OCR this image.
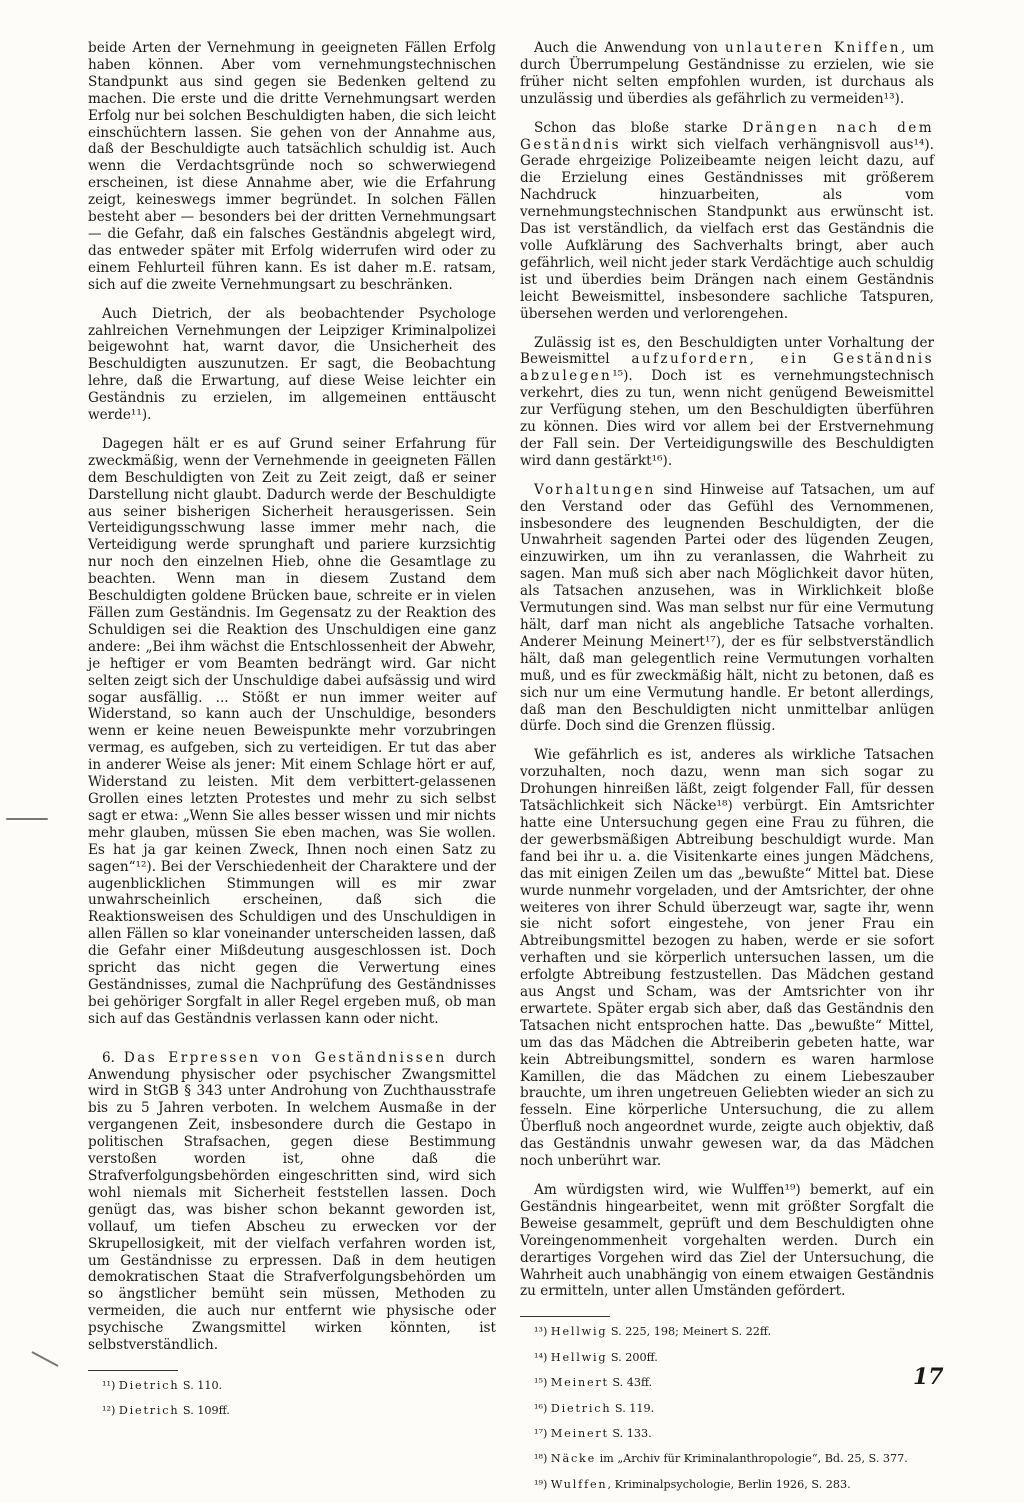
beide Arten der Vernehmung in geeigneten Fällen Erfolg haben können. Aber vom vernehmungstechnischen Standpunkt aus sind gegen sie Bedenken geltend zu machen. Die erste und die dritte Vernehmungsart werden Erfolg nur bei solchen Beschuldigten haben, die sich leicht einschüchtern lassen. Sie gehen von der Annahme aus, daß der Beschuldigte auch tatsächlich schuldig ist. Auch wenn die Verdachtsgründe noch so schwerwiegend erscheinen, ist diese Annahme aber, wie die Erfahrung zeigt, keineswegs immer begründet. In solchen Fällen besteht aber — besonders bei der dritten Vernehmungsart — die Gefahr, daß ein falsches Geständnis abgelegt wird, das entweder später mit Erfolg widerrufen wird oder zu einem Fehlurteil führen kann. Es ist daher m.E. ratsam, sich auf die zweite Vernehmungsart zu beschränken.

Auch Dietrich, der als beobachtender Psychologe zahlreichen Vernehmungen der Leipziger Kriminalpolizei beigewohnt hat, warnt davor, die Unsicherheit des Beschuldigten auszunutzen. Er sagt, die Beobachtung lehre, daß die Erwartung, auf diese Weise leichter ein Geständnis zu erzielen, im allgemeinen enttäuscht werde¹¹).

Dagegen hält er es auf Grund seiner Erfahrung für zweckmäßig, wenn der Vernehmende in geeigneten Fällen dem Beschuldigten von Zeit zu Zeit zeigt, daß er seiner Darstellung nicht glaubt. Dadurch werde der Beschuldigte aus seiner bisherigen Sicherheit herausgerissen. Sein Verteidigungsschwung lasse immer mehr nach, die Verteidigung werde sprunghaft und pariere kurzsichtig nur noch den einzelnen Hieb, ohne die Gesamtlage zu beachten. Wenn man in diesem Zustand dem Beschuldigten goldene Brücken baue, schreite er in vielen Fällen zum Geständnis. Im Gegensatz zu der Reaktion des Schuldigen sei die Reaktion des Unschuldigen eine ganz andere: „Bei ihm wächst die Entschlossenheit der Abwehr, je heftiger er vom Beamten bedrängt wird. Gar nicht selten zeigt sich der Unschuldige dabei aufsässig und wird sogar ausfällig. ... Stößt er nun immer weiter auf Widerstand, so kann auch der Unschuldige, besonders wenn er keine neuen Beweispunkte mehr vorzubringen vermag, es aufgeben, sich zu verteidigen. Er tut das aber in anderer Weise als jener: Mit einem Schlage hört er auf, Widerstand zu leisten. Mit dem verbittert-gelassenen Grollen eines letzten Protestes und mehr zu sich selbst sagt er etwa: „Wenn Sie alles besser wissen und mir nichts mehr glauben, müssen Sie eben machen, was Sie wollen. Es hat ja gar keinen Zweck, Ihnen noch einen Satz zu sagen“¹²). Bei der Verschiedenheit der Charaktere und der augenblicklichen Stimmungen will es mir zwar unwahrscheinlich erscheinen, daß sich die Reaktionsweisen des Schuldigen und des Unschuldigen in allen Fällen so klar voneinander unterscheiden lassen, daß die Gefahr einer Mißdeutung ausgeschlossen ist. Doch spricht das nicht gegen die Verwertung eines Geständnisses, zumal die Nachprüfung des Geständnisses bei gehöriger Sorgfalt in aller Regel ergeben muß, ob man sich auf das Geständnis verlassen kann oder nicht.

6. Das Erpressen von Geständnissen durch Anwendung physischer oder psychischer Zwangsmittel wird in StGB § 343 unter Androhung von Zuchthausstrafe bis zu 5 Jahren verboten. In welchem Ausmaße in der vergangenen Zeit, insbesondere durch die Gestapo in politischen Strafsachen, gegen diese Bestimmung verstoßen worden ist, ohne daß die Strafverfolgungsbehörden eingeschritten sind, wird sich wohl niemals mit Sicherheit feststellen lassen. Doch genügt das, was bisher schon bekannt geworden ist, vollauf, um tiefen Abscheu zu erwecken vor der Skrupellosigkeit, mit der vielfach verfahren worden ist, um Geständnisse zu erpressen. Daß in dem heutigen demokratischen Staat die Strafverfolgungsbehörden um so ängstlicher bemüht sein müssen, Methoden zu vermeiden, die auch nur entfernt wie physische oder psychische Zwangsmittel wirken könnten, ist selbstverständlich.

¹¹) Dietrich S. 110.

¹²) Dietrich S. 109ff.

Auch die Anwendung von unlauteren Kniffen, um durch Überrumpelung Geständnisse zu erzielen, wie sie früher nicht selten empfohlen wurden, ist durchaus als unzulässig und überdies als gefährlich zu vermeiden¹³).

Schon das bloße starke Drängen nach dem Geständnis wirkt sich vielfach verhängnisvoll aus¹⁴). Gerade ehrgeizige Polizeibeamte neigen leicht dazu, auf die Erzielung eines Geständnisses mit größerem Nachdruck hinzuarbeiten, als vom vernehmungstechnischen Standpunkt aus erwünscht ist. Das ist verständlich, da vielfach erst das Geständnis die volle Aufklärung des Sachverhalts bringt, aber auch gefährlich, weil nicht jeder stark Verdächtige auch schuldig ist und überdies beim Drängen nach einem Geständnis leicht Beweismittel, insbesondere sachliche Tatspuren, übersehen werden und verlorengehen.

Zulässig ist es, den Beschuldigten unter Vorhaltung der Beweismittel aufzufordern, ein Geständnis abzulegen¹⁵). Doch ist es vernehmungstechnisch verkehrt, dies zu tun, wenn nicht genügend Beweismittel zur Verfügung stehen, um den Beschuldigten überführen zu können. Dies wird vor allem bei der Erstvernehmung der Fall sein. Der Verteidigungswille des Beschuldigten wird dann gestärkt¹⁶).

Vorhaltungen sind Hinweise auf Tatsachen, um auf den Verstand oder das Gefühl des Vernommenen, insbesondere des leugnenden Beschuldigten, der die Unwahrheit sagenden Partei oder des lügenden Zeugen, einzuwirken, um ihn zu veranlassen, die Wahrheit zu sagen. Man muß sich aber nach Möglichkeit davor hüten, als Tatsachen anzusehen, was in Wirklichkeit bloße Vermutungen sind. Was man selbst nur für eine Vermutung hält, darf man nicht als angebliche Tatsache vorhalten. Anderer Meinung Meinert¹⁷), der es für selbstverständlich hält, daß man gelegentlich reine Vermutungen vorhalten muß, und es für zweckmäßig hält, nicht zu betonen, daß es sich nur um eine Vermutung handle. Er betont allerdings, daß man den Beschuldigten nicht unmittelbar anlügen dürfe. Doch sind die Grenzen flüssig.

Wie gefährlich es ist, anderes als wirkliche Tatsachen vorzuhalten, noch dazu, wenn man sich sogar zu Drohungen hinreißen läßt, zeigt folgender Fall, für dessen Tatsächlichkeit sich Näcke¹⁸) verbürgt. Ein Amtsrichter hatte eine Untersuchung gegen eine Frau zu führen, die der gewerbsmäßigen Abtreibung beschuldigt wurde. Man fand bei ihr u. a. die Visitenkarte eines jungen Mädchens, das mit einigen Zeilen um das „bewußte“ Mittel bat. Diese wurde nunmehr vorgeladen, und der Amtsrichter, der ohne weiteres von ihrer Schuld überzeugt war, sagte ihr, wenn sie nicht sofort eingestehe, von jener Frau ein Abtreibungsmittel bezogen zu haben, werde er sie sofort verhaften und sie körperlich untersuchen lassen, um die erfolgte Abtreibung festzustellen. Das Mädchen gestand aus Angst und Scham, was der Amtsrichter von ihr erwartete. Später ergab sich aber, daß das Geständnis den Tatsachen nicht entsprochen hatte. Das „bewußte“ Mittel, um das das Mädchen die Abtreiberin gebeten hatte, war kein Abtreibungsmittel, sondern es waren harmlose Kamillen, die das Mädchen zu einem Liebeszauber brauchte, um ihren ungetreuen Geliebten wieder an sich zu fesseln. Eine körperliche Untersuchung, die zu allem Überfluß noch angeordnet wurde, zeigte auch objektiv, daß das Geständnis unwahr gewesen war, da das Mädchen noch unberührt war.

Am würdigsten wird, wie Wulffen¹⁹) bemerkt, auf ein Geständnis hingearbeitet, wenn mit größter Sorgfalt die Beweise gesammelt, geprüft und dem Beschuldigten ohne Voreingenommenheit vorgehalten werden. Durch ein derartiges Vorgehen wird das Ziel der Untersuchung, die Wahrheit auch unabhängig von einem etwaigen Geständnis zu ermitteln, unter allen Umständen gefördert.

¹³) Hellwig S. 225, 198; Meinert S. 22ff.

¹⁴) Hellwig S. 200ff.

¹⁵) Meinert S. 43ff.

¹⁶) Dietrich S. 119.

¹⁷) Meinert S. 133.

¹⁸) Näcke im „Archiv für Kriminalanthropologie“, Bd. 25, S. 377.

¹⁹) Wulffen, Kriminalpsychologie, Berlin 1926, S. 283.

17
